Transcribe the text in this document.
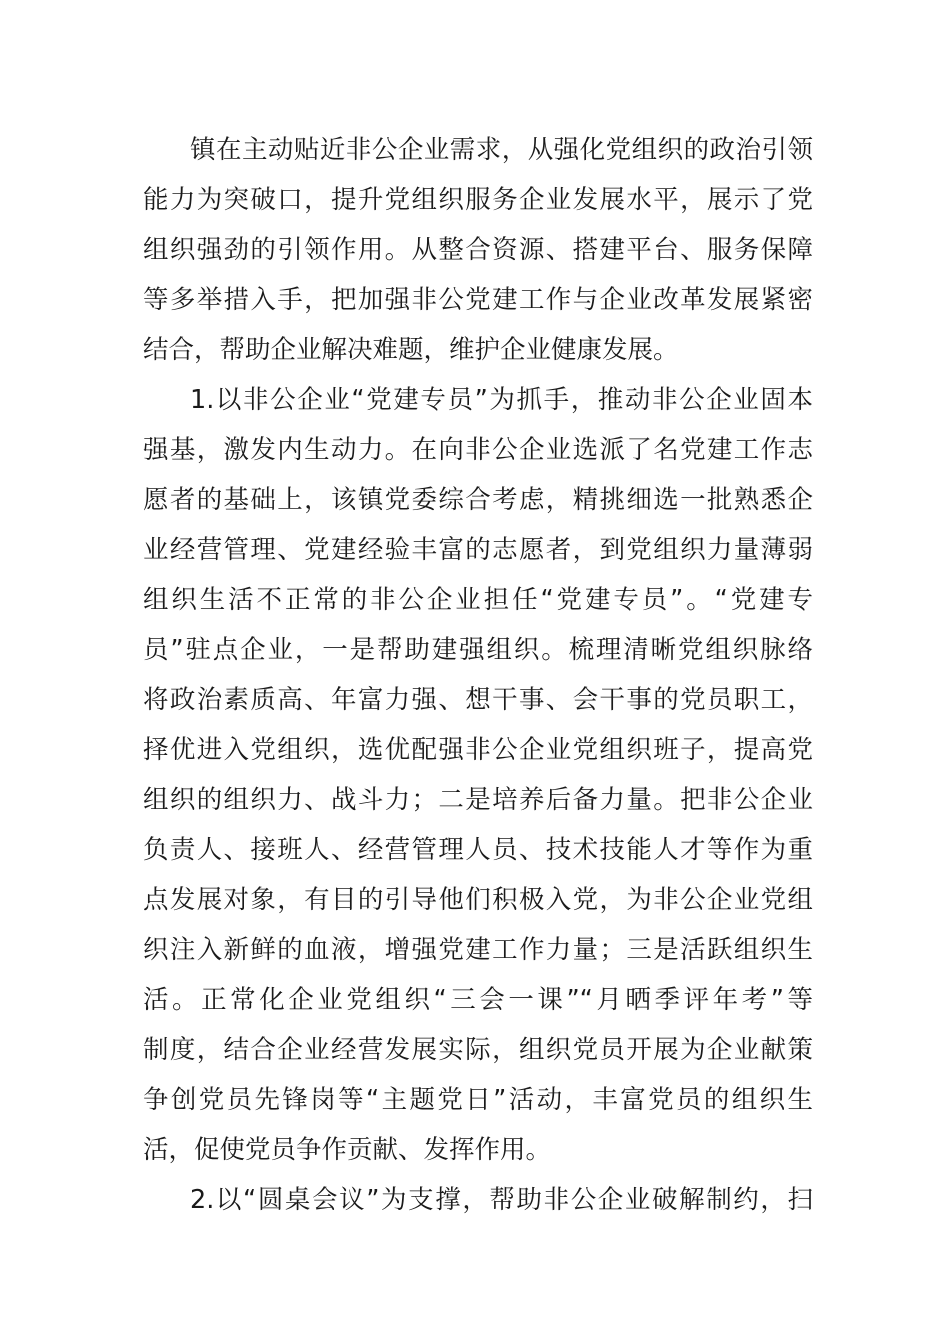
镇在主动贴近非公企业需求，从强化党组织的政治引领
能力为突破口，提升党组织服务企业发展水平，展示了党
组织强劲的引领作用。从整合资源、搭建平台、服务保障
等多举措入手，把加强非公党建工作与企业改革发展紧密
结合，帮助企业解决难题，维护企业健康发展。
1.以非公企业“党建专员”为抓手，推动非公企业固本
强基，激发内生动力。在向非公企业选派了名党建工作志
愿者的基础上，该镇党委综合考虑，精挑细选一批熟悉企
业经营管理、党建经验丰富的志愿者，到党组织力量薄弱
组织生活不正常的非公企业担任“党建专员”。“党建专
员”驻点企业，一是帮助建强组织。梳理清晰党组织脉络
将政治素质高、年富力强、想干事、会干事的党员职工，
择优进入党组织，选优配强非公企业党组织班子，提高党
组织的组织力、战斗力；二是培养后备力量。把非公企业
负责人、接班人、经营管理人员、技术技能人才等作为重
点发展对象，有目的引导他们积极入党，为非公企业党组
织注入新鲜的血液，增强党建工作力量；三是活跃组织生
活。正常化企业党组织“三会一课”“月晒季评年考”等
制度，结合企业经营发展实际，组织党员开展为企业献策
争创党员先锋岗等“主题党日”活动，丰富党员的组织生
活，促使党员争作贡献、发挥作用。
2.以“圆桌会议”为支撑，帮助非公企业破解制约，扫
